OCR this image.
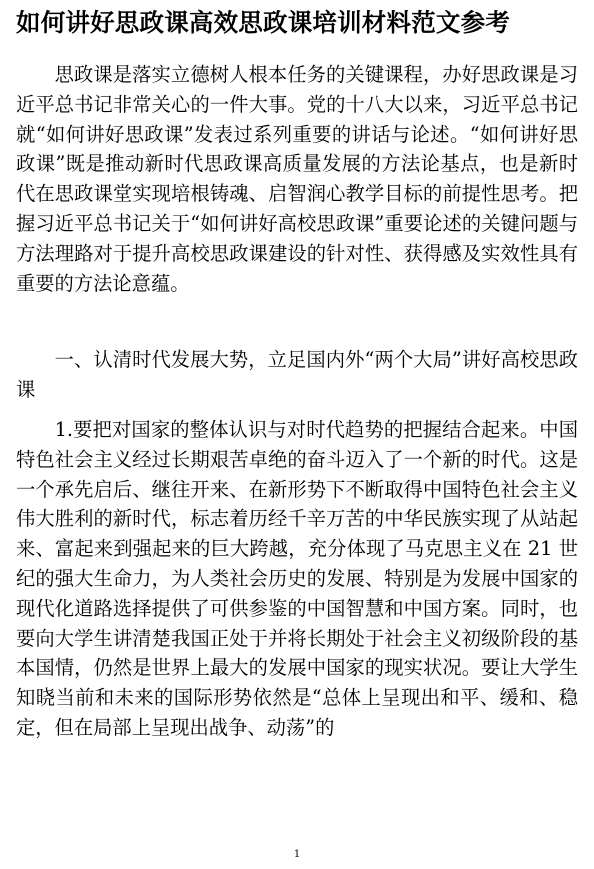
如何讲好思政课高效思政课培训材料范文参考

思政课是落实立德树人根本任务的关键课程，办好思政课是习近平总书记非常关心的一件大事。党的十八大以来，习近平总书记就“如何讲好思政课”发表过系列重要的讲话与论述。“如何讲好思政课”既是推动新时代思政课高质量发展的方法论基点，也是新时代在思政课堂实现培根铸魂、启智润心教学目标的前提性思考。把握习近平总书记关于“如何讲好高校思政课”重要论述的关键问题与方法理路对于提升高校思政课建设的针对性、获得感及实效性具有重要的方法论意蕴。

一、认清时代发展大势，立足国内外“两个大局”讲好高校思政课

1.要把对国家的整体认识与对时代趋势的把握结合起来。中国特色社会主义经过长期艰苦卓绝的奋斗迈入了一个新的时代。这是一个承先启后、继往开来、在新形势下不断取得中国特色社会主义伟大胜利的新时代，标志着历经千辛万苦的中华民族实现了从站起来、富起来到强起来的巨大跨越，充分体现了马克思主义在 21 世纪的强大生命力，为人类社会历史的发展、特别是为发展中国家的现代化道路选择提供了可供参鉴的中国智慧和中国方案。同时，也要向大学生讲清楚我国正处于并将长期处于社会主义初级阶段的基本国情，仍然是世界上最大的发展中国家的现实状况。要让大学生知晓当前和未来的国际形势依然是“总体上呈现出和平、缓和、稳定，但在局部上呈现出战争、动荡”的

1
